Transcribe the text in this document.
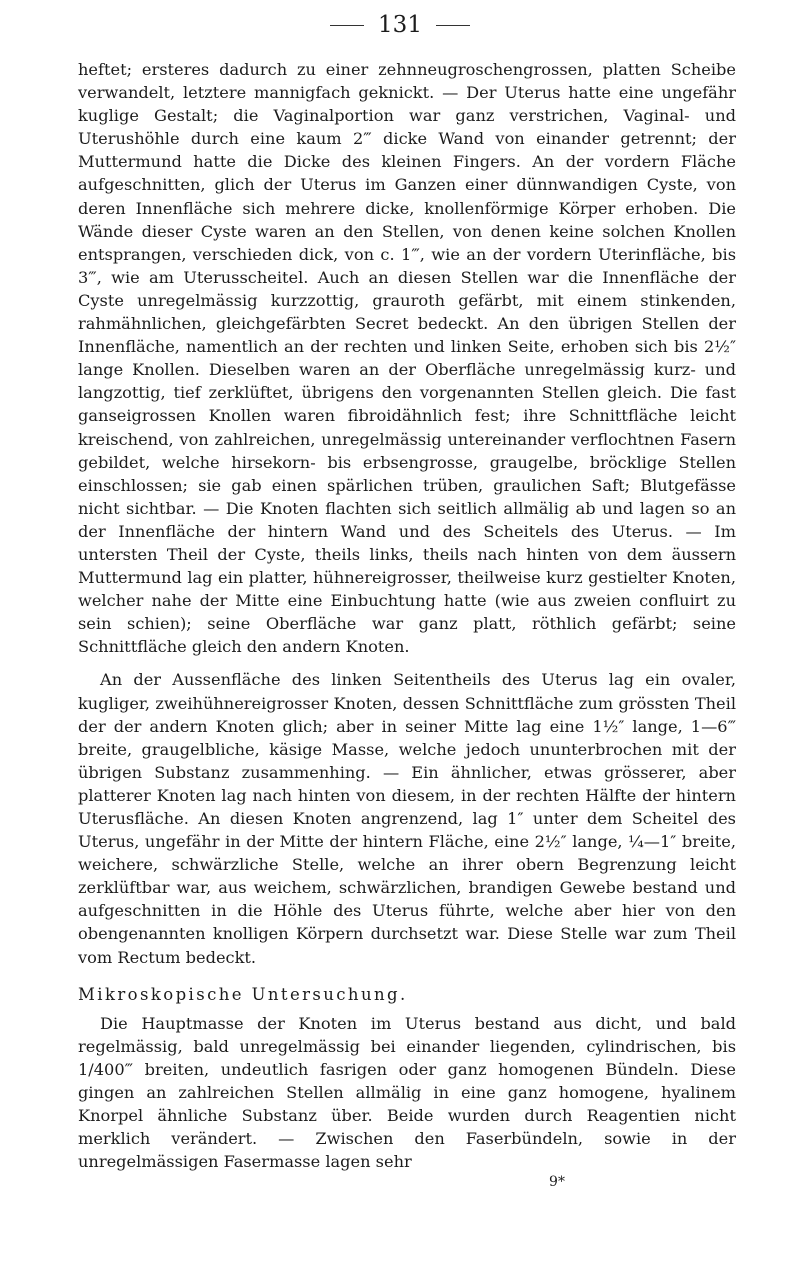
131

heftet; ersteres dadurch zu einer zehnneugroschengrossen, platten Scheibe verwandelt, letztere mannigfach geknickt. — Der Uterus hatte eine ungefähr kuglige Gestalt; die Vaginalportion war ganz verstrichen, Vaginal- und Uterushöhle durch eine kaum 2‴ dicke Wand von einander getrennt; der Muttermund hatte die Dicke des kleinen Fingers. An der vordern Fläche aufgeschnitten, glich der Uterus im Ganzen einer dünnwandigen Cyste, von deren Innenfläche sich mehrere dicke, knollenförmige Körper erhoben. Die Wände dieser Cyste waren an den Stellen, von denen keine solchen Knollen entsprangen, verschieden dick, von c. 1‴, wie an der vordern Uterinfläche, bis 3‴, wie am Uterusscheitel. Auch an diesen Stellen war die Innenfläche der Cyste unregelmässig kurzzottig, grauroth gefärbt, mit einem stinkenden, rahmähnlichen, gleichgefärbten Secret bedeckt. An den übrigen Stellen der Innenfläche, namentlich an der rechten und linken Seite, erhoben sich bis 2½″ lange Knollen. Dieselben waren an der Oberfläche unregelmässig kurz- und langzottig, tief zerklüftet, übrigens den vorgenannten Stellen gleich. Die fast ganseigrossen Knollen waren fibroidähnlich fest; ihre Schnittfläche leicht kreischend, von zahlreichen, unregelmässig untereinander verflochtnen Fasern gebildet, welche hirsekorn- bis erbsengrosse, graugelbe, bröcklige Stellen einschlossen; sie gab einen spärlichen trüben, graulichen Saft; Blutgefässe nicht sichtbar. — Die Knoten flachten sich seitlich allmälig ab und lagen so an der Innenfläche der hintern Wand und des Scheitels des Uterus. — Im untersten Theil der Cyste, theils links, theils nach hinten von dem äussern Muttermund lag ein platter, hühnereigrosser, theilweise kurz gestielter Knoten, welcher nahe der Mitte eine Einbuchtung hatte (wie aus zweien confluirt zu sein schien); seine Oberfläche war ganz platt, röthlich gefärbt; seine Schnittfläche gleich den andern Knoten.

An der Aussenfläche des linken Seitentheils des Uterus lag ein ovaler, kugliger, zweihühnereigrosser Knoten, dessen Schnittfläche zum grössten Theil der der andern Knoten glich; aber in seiner Mitte lag eine 1½″ lange, 1—6‴ breite, graugelbliche, käsige Masse, welche jedoch ununterbrochen mit der übrigen Substanz zusammenhing. — Ein ähnlicher, etwas grösserer, aber platterer Knoten lag nach hinten von diesem, in der rechten Hälfte der hintern Uterusfläche. An diesen Knoten angrenzend, lag 1″ unter dem Scheitel des Uterus, ungefähr in der Mitte der hintern Fläche, eine 2½″ lange, ¼—1″ breite, weichere, schwärzliche Stelle, welche an ihrer obern Begrenzung leicht zerklüftbar war, aus weichem, schwärzlichen, brandigen Gewebe bestand und aufgeschnitten in die Höhle des Uterus führte, welche aber hier von den obengenannten knolligen Körpern durchsetzt war. Diese Stelle war zum Theil vom Rectum bedeckt.

Mikroskopische Untersuchung.

Die Hauptmasse der Knoten im Uterus bestand aus dicht, und bald regelmässig, bald unregelmässig bei einander liegenden, cylindrischen, bis 1/400‴ breiten, undeutlich fasrigen oder ganz homogenen Bündeln. Diese gingen an zahlreichen Stellen allmälig in eine ganz homogene, hyalinem Knorpel ähnliche Substanz über. Beide wurden durch Reagentien nicht merklich verändert. — Zwischen den Faserbündeln, sowie in der unregelmässigen Fasermasse lagen sehr

9*
